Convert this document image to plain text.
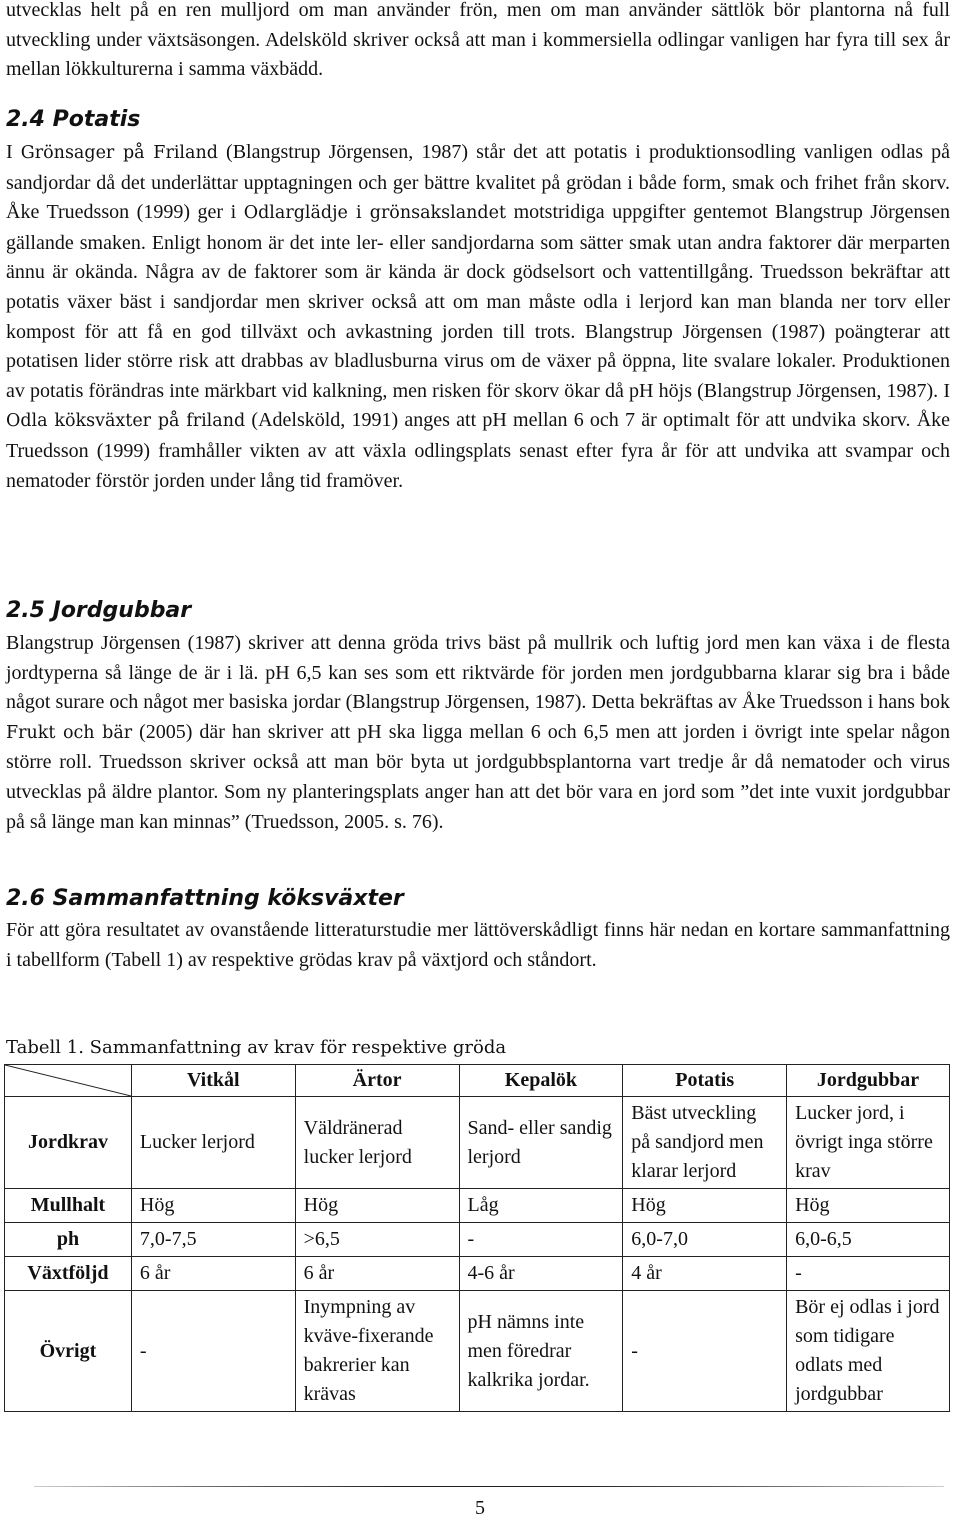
utvecklas helt på en ren mulljord om man använder frön, men om man använder sättlök bör plantorna nå full utveckling under växtsäsongen. Adelsköld skriver också att man i kommersiella odlingar vanligen har fyra till sex år mellan lökkulturerna i samma växbädd.

2.4 Potatis

I Grönsager på Friland (Blangstrup Jörgensen, 1987) står det att potatis i produktionsodling vanligen odlas på sandjordar då det underlättar upptagningen och ger bättre kvalitet på grödan i både form, smak och frihet från skorv. Åke Truedsson (1999) ger i Odlarglädje i grönsakslandet motstridiga uppgifter gentemot Blangstrup Jörgensen gällande smaken. Enligt honom är det inte ler- eller sandjordarna som sätter smak utan andra faktorer där merparten ännu är okända. Några av de faktorer som är kända är dock gödselsort och vattentillgång. Truedsson bekräftar att potatis växer bäst i sandjordar men skriver också att om man måste odla i lerjord kan man blanda ner torv eller kompost för att få en god tillväxt och avkastning jorden till trots. Blangstrup Jörgensen (1987) poängterar att potatisen lider större risk att drabbas av bladlusburna virus om de växer på öppna, lite svalare lokaler. Produktionen av potatis förändras inte märkbart vid kalkning, men risken för skorv ökar då pH höjs (Blangstrup Jörgensen, 1987). I Odla köksväxter på friland (Adelsköld, 1991) anges att pH mellan 6 och 7 är optimalt för att undvika skorv. Åke Truedsson (1999) framhåller vikten av att växla odlingsplats senast efter fyra år för att undvika att svampar och nematoder förstör jorden under lång tid framöver.

2.5 Jordgubbar

Blangstrup Jörgensen (1987) skriver att denna gröda trivs bäst på mullrik och luftig jord men kan växa i de flesta jordtyperna så länge de är i lä. pH 6,5 kan ses som ett riktvärde för jorden men jordgubbarna klarar sig bra i både något surare och något mer basiska jordar (Blangstrup Jörgensen, 1987). Detta bekräftas av Åke Truedsson i hans bok Frukt och bär (2005) där han skriver att pH ska ligga mellan 6 och 6,5 men att jorden i övrigt inte spelar någon större roll. Truedsson skriver också att man bör byta ut jordgubbsplantorna vart tredje år då nematoder och virus utvecklas på äldre plantor. Som ny planteringsplats anger han att det bör vara en jord som ”det inte vuxit jordgubbar på så länge man kan minnas” (Truedsson, 2005. s. 76).

2.6 Sammanfattning köksväxter

För att göra resultatet av ovanstående litteraturstudie mer lättöverskådligt finns här nedan en kortare sammanfattning i tabellform (Tabell 1) av respektive grödas krav på växtjord och ståndort.

Tabell 1. Sammanfattning av krav för respektive gröda

	Vitkål	Ärtor	Kepalök	Potatis	Jordgubbar
Jordkrav	Lucker lerjord	Väldränerad lucker lerjord	Sand- eller sandig lerjord	Bäst utveckling på sandjord men klarar lerjord	Lucker jord, i övrigt inga större krav
Mullhalt	Hög	Hög	Låg	Hög	Hög
ph	7,0-7,5	>6,5	-	6,0-7,0	6,0-6,5
Växtföljd	6 år	6 år	4-6 år	4 år	-
Övrigt	-	Inympning av kväve-fixerande bakrerier kan krävas	pH nämns inte men föredrar kalkrika jordar.	-	Bör ej odlas i jord som tidigare odlats med jordgubbar
5
